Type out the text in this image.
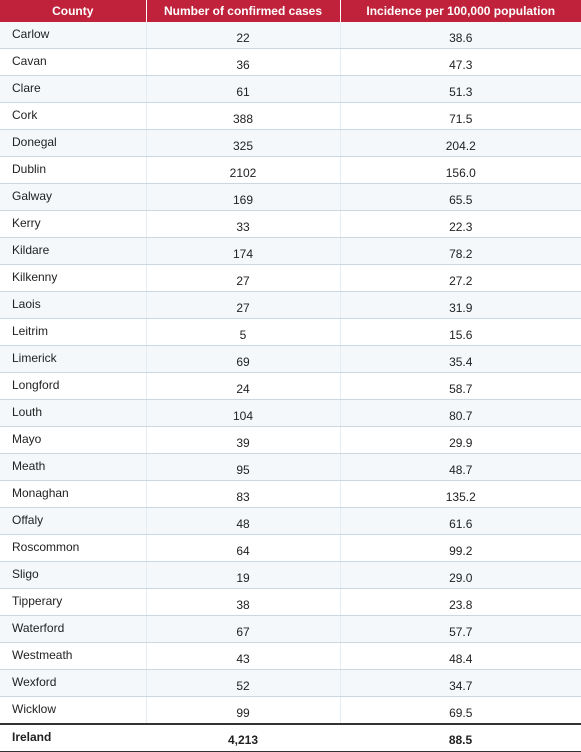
County	Number of confirmed cases	Incidence per 100,000 population
Carlow	22	38.6
Cavan	36	47.3
Clare	61	51.3
Cork	388	71.5
Donegal	325	204.2
Dublin	2102	156.0
Galway	169	65.5
Kerry	33	22.3
Kildare	174	78.2
Kilkenny	27	27.2
Laois	27	31.9
Leitrim	5	15.6
Limerick	69	35.4
Longford	24	58.7
Louth	104	80.7
Mayo	39	29.9
Meath	95	48.7
Monaghan	83	135.2
Offaly	48	61.6
Roscommon	64	99.2
Sligo	19	29.0
Tipperary	38	23.8
Waterford	67	57.7
Westmeath	43	48.4
Wexford	52	34.7
Wicklow	99	69.5
Ireland	4,213	88.5
